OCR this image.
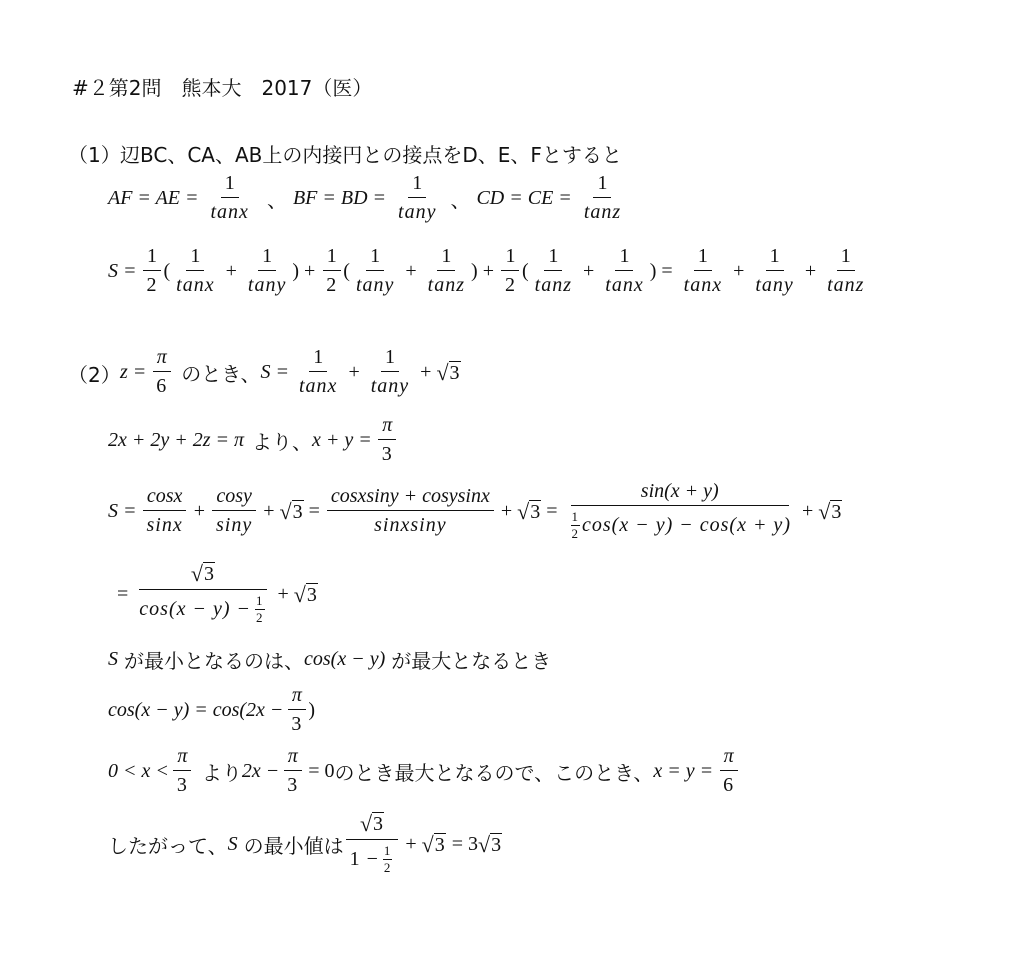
#２第2問　熊本大　2017（医）
（1） 辺BC、CA、AB上の内接円との接点をD、E、Fとすると
AF = AE = $\frac{1}{\tan x}$ 、 BF = BD = $\frac{1}{\tan y}$ 、 CD = CE = $\frac{1}{\tan z}$
$S = \frac{1}{2}$ ( $\frac{1}{\tan x} + \frac{1}{\tan y}$ ) + $\frac{1}{2}$ ( $\frac{1}{\tan y} + \frac{1}{\tan z}$ ) + $\frac{1}{2}$ ( $\frac{1}{\tan z} + \frac{1}{\tan x}$ ) = $\frac{1}{\tan x} + \frac{1}{\tan y} + \frac{1}{\tan z}$
（2） $z = \frac{\pi}{6}$ のとき、 $S = \frac{1}{\tan x} + \frac{1}{\tan y}$ + √ 3
2x + 2y + 2z = π より、 $x + y = \frac{\pi}{3}$
$S = \frac{\cos x}{\sin x} + \frac{\cos y}{\sin y}$ + √ $3 = \frac{\text{cosxsiny + cosysinx}}{\text{sinxsiny}}$ + √ $3 = \frac{\sin(x + y)}{\frac{1}{2} \cos(x - y) - \cos(x + y)}$ + √ 3
= $\frac{√ 3}{\cos(x - y) - \frac{1}{2}}$ + √ 3
S が最小となるのは、 cos(x − y) が最大となるとき
$\cos(x - y) = \cos(2x - \frac{\pi}{3}$ )
$0 < x < \frac{\pi}{3}$ より $2x - \frac{\pi}{3} = 0$ のとき最大となるので、このとき、 $x = y = \frac{\pi}{6}$
したがって、 S の最小値は $\frac{√ 3}{1 - \frac{1}{2}}$ + √ 3 = 3 √ 3
